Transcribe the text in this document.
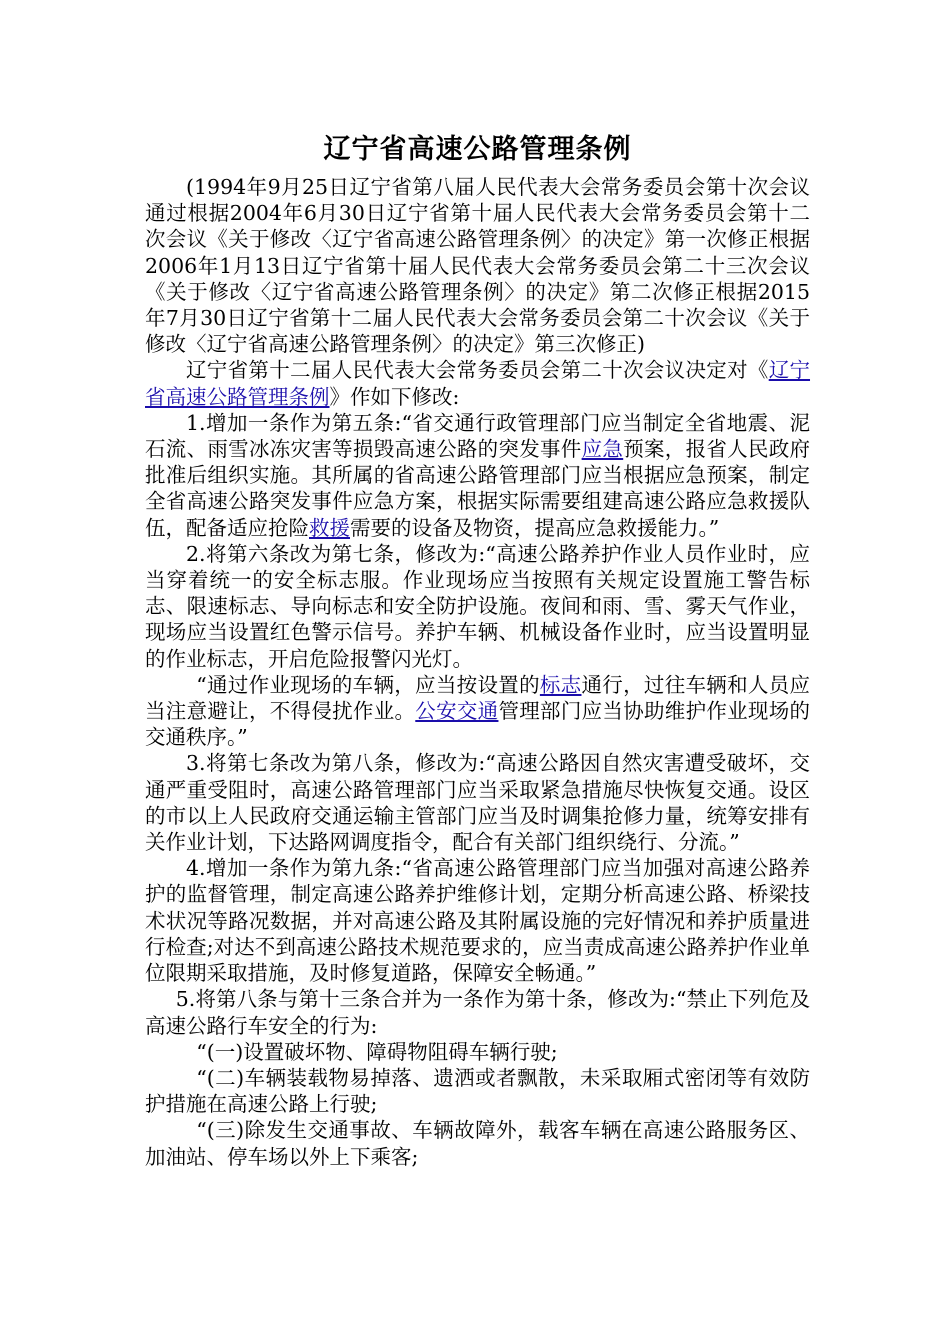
辽宁省高速公路管理条例

(1994年9月25日辽宁省第八届人民代表大会常务委员会第十次会议通过根据2004年6月30日辽宁省第十届人民代表大会常务委员会第十二次会议《关于修改〈辽宁省高速公路管理条例〉的决定》第一次修正根据2006年1月13日辽宁省第十届人民代表大会常务委员会第二十三次会议《关于修改〈辽宁省高速公路管理条例〉的决定》第二次修正根据2015年7月30日辽宁省第十二届人民代表大会常务委员会第二十次会议《关于修改〈辽宁省高速公路管理条例〉的决定》第三次修正)

辽宁省第十二届人民代表大会常务委员会第二十次会议决定对《辽宁省高速公路管理条例》作如下修改:

1.增加一条作为第五条:“省交通行政管理部门应当制定全省地震、泥石流、雨雪冰冻灾害等损毁高速公路的突发事件应急预案，报省人民政府批准后组织实施。其所属的省高速公路管理部门应当根据应急预案，制定全省高速公路突发事件应急方案，根据实际需要组建高速公路应急救援队伍，配备适应抢险救援需要的设备及物资，提高应急救援能力。”

2.将第六条改为第七条，修改为:“高速公路养护作业人员作业时，应当穿着统一的安全标志服。作业现场应当按照有关规定设置施工警告标志、限速标志、导向标志和安全防护设施。夜间和雨、雪、雾天气作业，现场应当设置红色警示信号。养护车辆、机械设备作业时，应当设置明显的作业标志，开启危险报警闪光灯。

“通过作业现场的车辆，应当按设置的标志通行，过往车辆和人员应当注意避让，不得侵扰作业。公安交通管理部门应当协助维护作业现场的交通秩序。”

3.将第七条改为第八条，修改为:“高速公路因自然灾害遭受破坏，交通严重受阻时，高速公路管理部门应当采取紧急措施尽快恢复交通。设区的市以上人民政府交通运输主管部门应当及时调集抢修力量，统筹安排有关作业计划，下达路网调度指令，配合有关部门组织绕行、分流。”

4.增加一条作为第九条:“省高速公路管理部门应当加强对高速公路养护的监督管理，制定高速公路养护维修计划，定期分析高速公路、桥梁技术状况等路况数据，并对高速公路及其附属设施的完好情况和养护质量进行检查;对达不到高速公路技术规范要求的，应当责成高速公路养护作业单位限期采取措施，及时修复道路，保障安全畅通。”

5.将第八条与第十三条合并为一条作为第十条，修改为:“禁止下列危及高速公路行车安全的行为:

“(一)设置破坏物、障碍物阻碍车辆行驶;

“(二)车辆装载物易掉落、遗洒或者飘散，未采取厢式密闭等有效防护措施在高速公路上行驶;

“(三)除发生交通事故、车辆故障外，载客车辆在高速公路服务区、加油站、停车场以外上下乘客;
